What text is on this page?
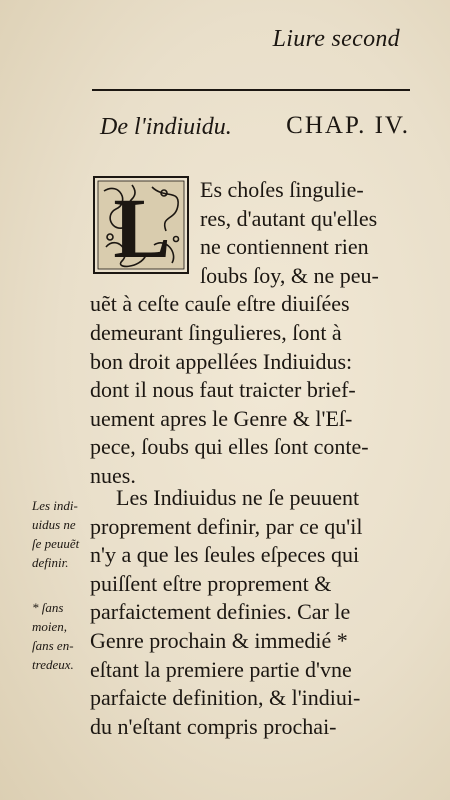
Liure second
De l'indiuidu. CHAP. IV.
L Es choſes ſingulie-
res, d'autant qu'elles
ne contiennent rien
ſoubs ſoy, & ne peu-
uẽt à ceſte cauſe eſtre diuiſées
demeurant ſingulieres, ſont à
bon droit appellées Indiuidus:
dont il nous faut traicter brief-
uement apres le Genre & l'Eſ-
pece, ſoubs qui elles ſont conte-
nues.
Les Indiuidus ne ſe peuuent
proprement definir, par ce qu'il
n'y a que les ſeules eſpeces qui
puiſſent eſtre proprement &
parfaictement definies. Car le
Genre prochain & immedié *
eſtant la premiere partie d'vne
parfaicte definition, & l'indiui-
du n'eſtant compris prochai-
Les indi-
uidus ne
ſe peuuẽt
definir.
* ſans
moien,
ſans en-
tredeux.
